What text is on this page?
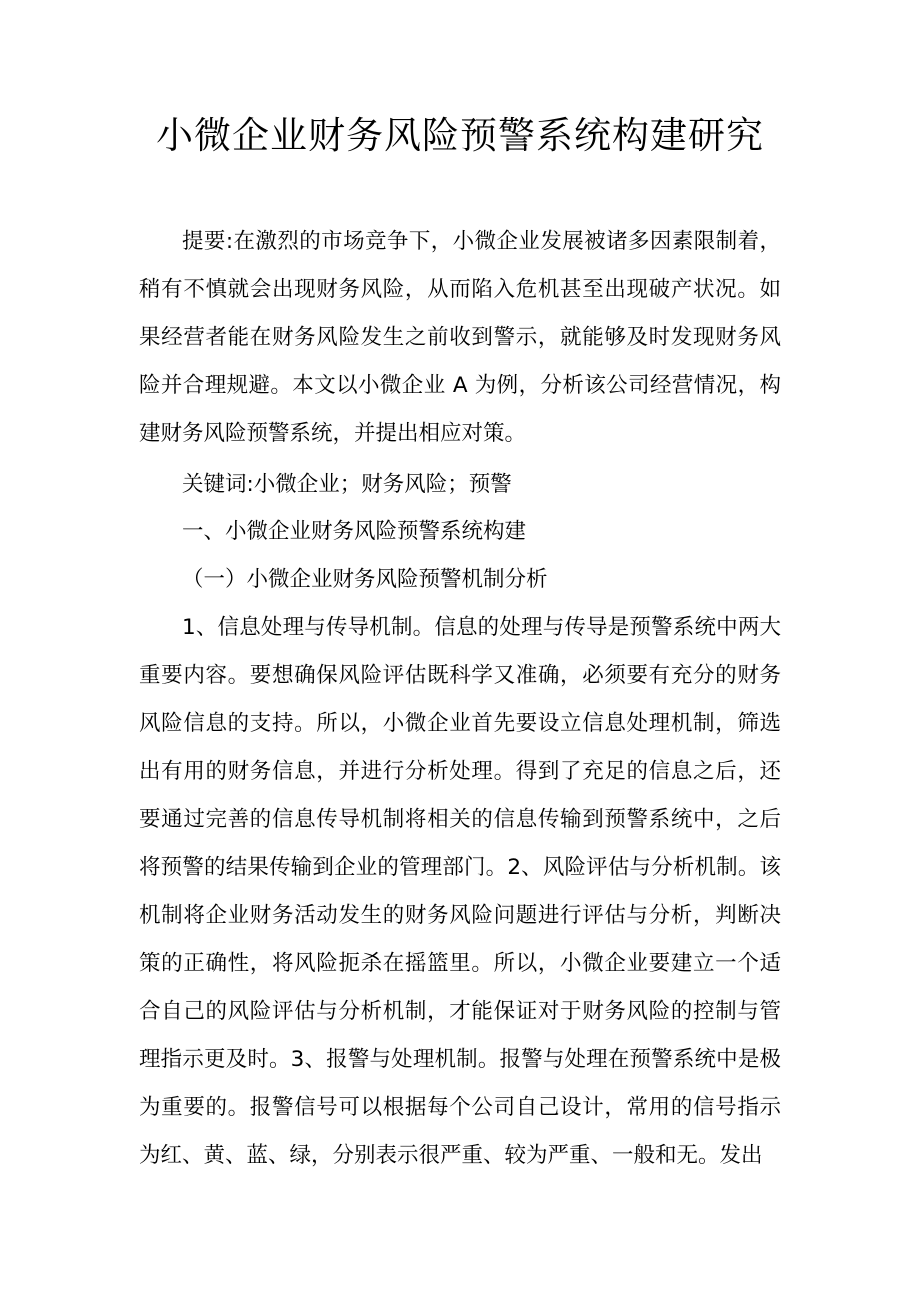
小微企业财务风险预警系统构建研究
提要:在激烈的市场竞争下，小微企业发展被诸多因素限制着，稍有不慎就会出现财务风险，从而陷入危机甚至出现破产状况。如果经营者能在财务风险发生之前收到警示，就能够及时发现财务风险并合理规避。本文以小微企业 A 为例，分析该公司经营情况，构建财务风险预警系统，并提出相应对策。
关键词:小微企业；财务风险；预警
一、小微企业财务风险预警系统构建
（一）小微企业财务风险预警机制分析
1、信息处理与传导机制。信息的处理与传导是预警系统中两大重要内容。要想确保风险评估既科学又准确，必须要有充分的财务风险信息的支持。所以，小微企业首先要设立信息处理机制，筛选出有用的财务信息，并进行分析处理。得到了充足的信息之后，还要通过完善的信息传导机制将相关的信息传输到预警系统中，之后将预警的结果传输到企业的管理部门。2、风险评估与分析机制。该机制将企业财务活动发生的财务风险问题进行评估与分析，判断决策的正确性，将风险扼杀在摇篮里。所以，小微企业要建立一个适合自己的风险评估与分析机制，才能保证对于财务风险的控制与管理指示更及时。3、报警与处理机制。报警与处理在预警系统中是极为重要的。报警信号可以根据每个公司自己设计，常用的信号指示为红、黄、蓝、绿，分别表示很严重、较为严重、一般和无。发出
